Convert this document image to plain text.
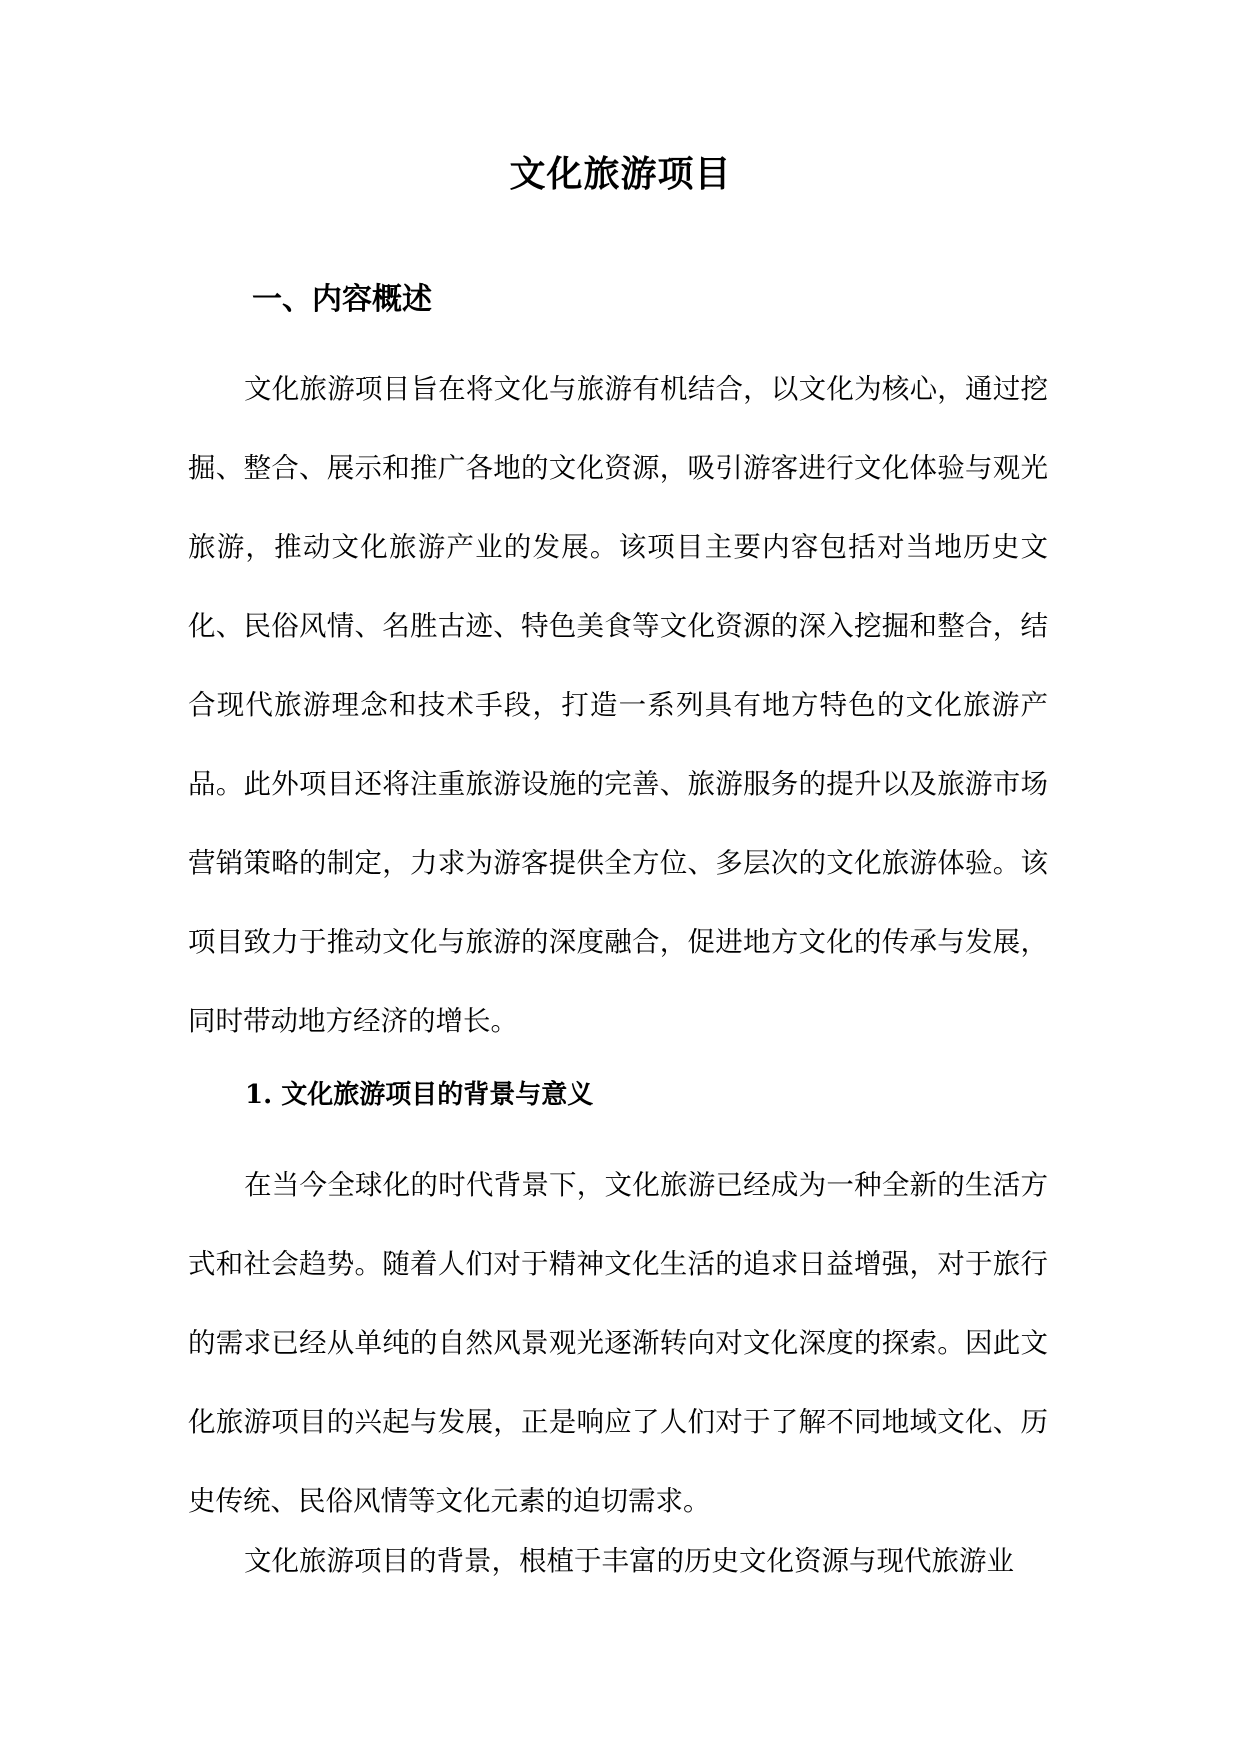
文化旅游项目
一、内容概述

文化旅游项目旨在将文化与旅游有机结合，以文化为核心，通过挖掘、整合、展示和推广各地的文化资源，吸引游客进行文化体验与观光旅游，推动文化旅游产业的发展。该项目主要内容包括对当地历史文化、民俗风情、名胜古迹、特色美食等文化资源的深入挖掘和整合，结合现代旅游理念和技术手段，打造一系列具有地方特色的文化旅游产品。此外项目还将注重旅游设施的完善、旅游服务的提升以及旅游市场营销策略的制定，力求为游客提供全方位、多层次的文化旅游体验。该项目致力于推动文化与旅游的深度融合，促进地方文化的传承与发展，同时带动地方经济的增长。

1. 文化旅游项目的背景与意义

在当今全球化的时代背景下，文化旅游已经成为一种全新的生活方式和社会趋势。随着人们对于精神文化生活的追求日益增强，对于旅行的需求已经从单纯的自然风景观光逐渐转向对文化深度的探索。因此文化旅游项目的兴起与发展，正是响应了人们对于了解不同地域文化、历史传统、民俗风情等文化元素的迫切需求。

文化旅游项目的背景，根植于丰富的历史文化资源与现代旅游业
